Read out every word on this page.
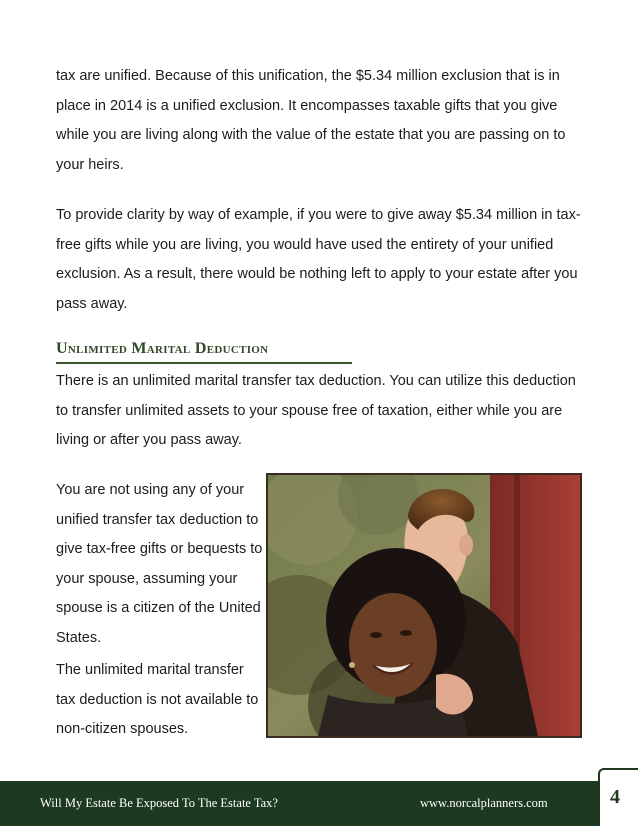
tax are unified. Because of this unification, the $5.34 million exclusion that is in place in 2014 is a unified exclusion. It encompasses taxable gifts that you give while you are living along with the value of the estate that you are passing on to your heirs.

To provide clarity by way of example, if you were to give away $5.34 million in tax-free gifts while you are living, you would have used the entirety of your unified exclusion. As a result, there would be nothing left to apply to your estate after you pass away.

Unlimited Marital Deduction

There is an unlimited marital transfer tax deduction. You can utilize this deduction to transfer unlimited assets to your spouse free of taxation, either while you are living or after you pass away.

You are not using any of your unified transfer tax deduction to give tax-free gifts or bequests to your spouse, assuming your spouse is a citizen of the United States.

The unlimited marital transfer tax deduction is not available to non-citizen spouses.

Will My Estate Be Exposed To The Estate Tax?	www.norcalplanners.com	4
